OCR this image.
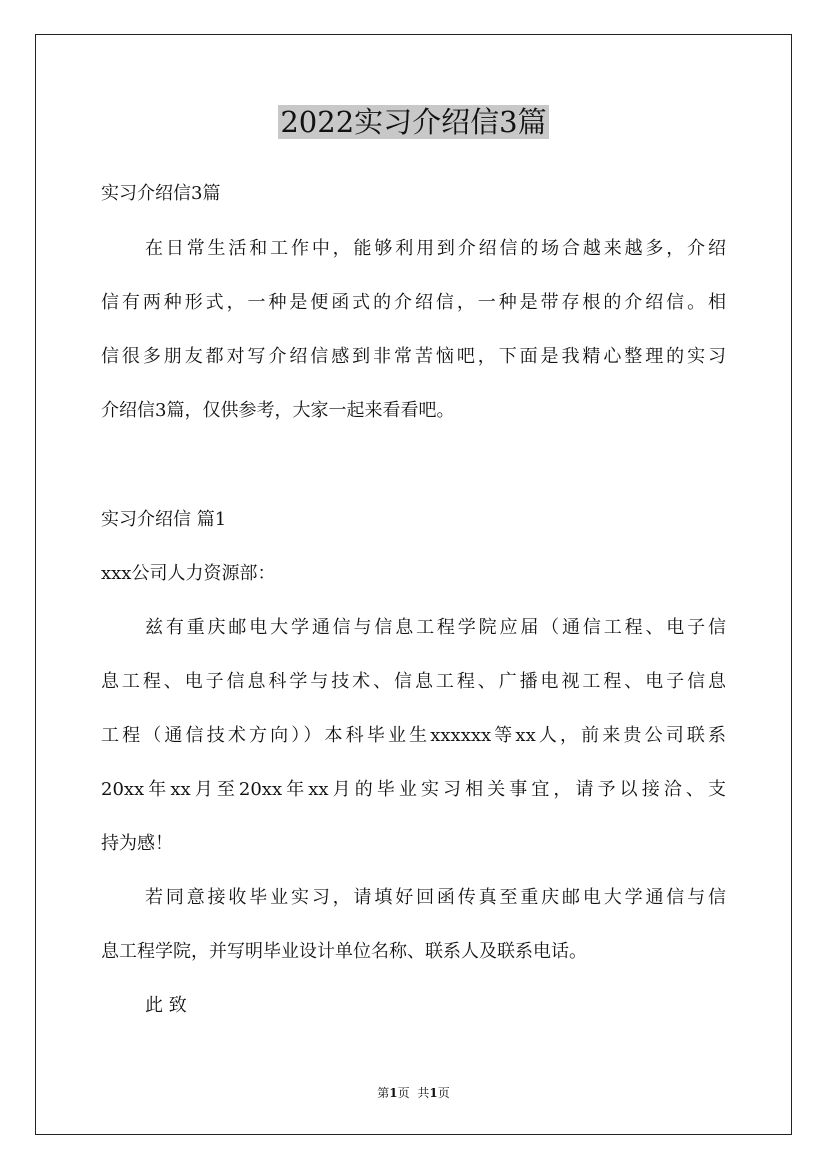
2022实习介绍信3篇
实习介绍信3篇
在日常生活和工作中，能够利用到介绍信的场合越来越多，介绍
信有两种形式，一种是便函式的介绍信，一种是带存根的介绍信。相
信很多朋友都对写介绍信感到非常苦恼吧，下面是我精心整理的实习
介绍信3篇，仅供参考，大家一起来看看吧。
实习介绍信 篇1
xxx公司人力资源部：
兹有重庆邮电大学通信与信息工程学院应届（通信工程、电子信
息工程、电子信息科学与技术、信息工程、广播电视工程、电子信息
工程（通信技术方向））本科毕业生xxxxxx等xx人，前来贵公司联系
20xx年xx月至20xx年xx月的毕业实习相关事宜，请予以接洽、支
持为感！
若同意接收毕业实习，请填好回函传真至重庆邮电大学通信与信
息工程学院，并写明毕业设计单位名称、联系人及联系电话。
此 致
第1页 共1页
